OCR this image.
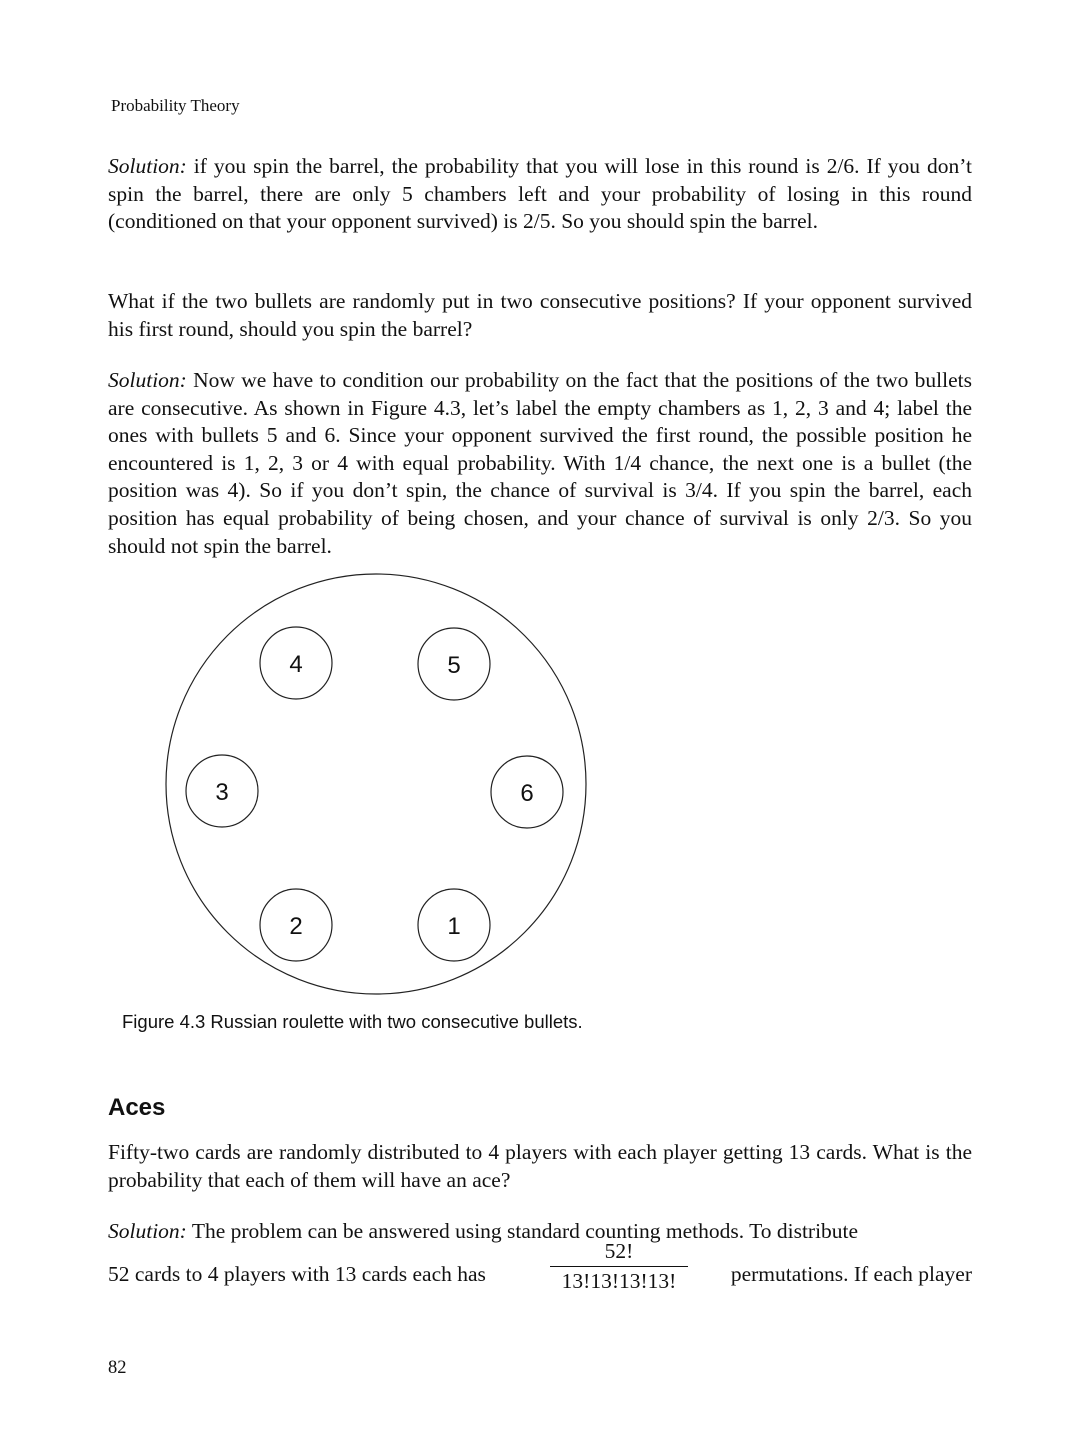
Probability Theory

Solution: if you spin the barrel, the probability that you will lose in this round is 2/6. If you don’t spin the barrel, there are only 5 chambers left and your probability of losing in this round (conditioned on that your opponent survived) is 2/5. So you should spin the barrel.

What if the two bullets are randomly put in two consecutive positions? If your opponent survived his first round, should you spin the barrel?

Solution: Now we have to condition our probability on the fact that the positions of the two bullets are consecutive. As shown in Figure 4.3, let’s label the empty chambers as 1, 2, 3 and 4; label the ones with bullets 5 and 6. Since your opponent survived the first round, the possible position he encountered is 1, 2, 3 or 4 with equal probability. With 1/4 chance, the next one is a bullet (the position was 4). So if you don’t spin, the chance of survival is 3/4. If you spin the barrel, each position has equal probability of being chosen, and your chance of survival is only 2/3. So you should not spin the barrel.

1
2
3
4	5
6
Figure 4.3 Russian roulette with two consecutive bullets.
Aces

Fifty-two cards are randomly distributed to 4 players with each player getting 13 cards. What is the probability that each of them will have an ace?

Solution: The problem can be answered using standard counting methods. To distribute

52 cards to 4 players with 13 cards each has
52!
13!13!13!13!	permutations. If each player
82
